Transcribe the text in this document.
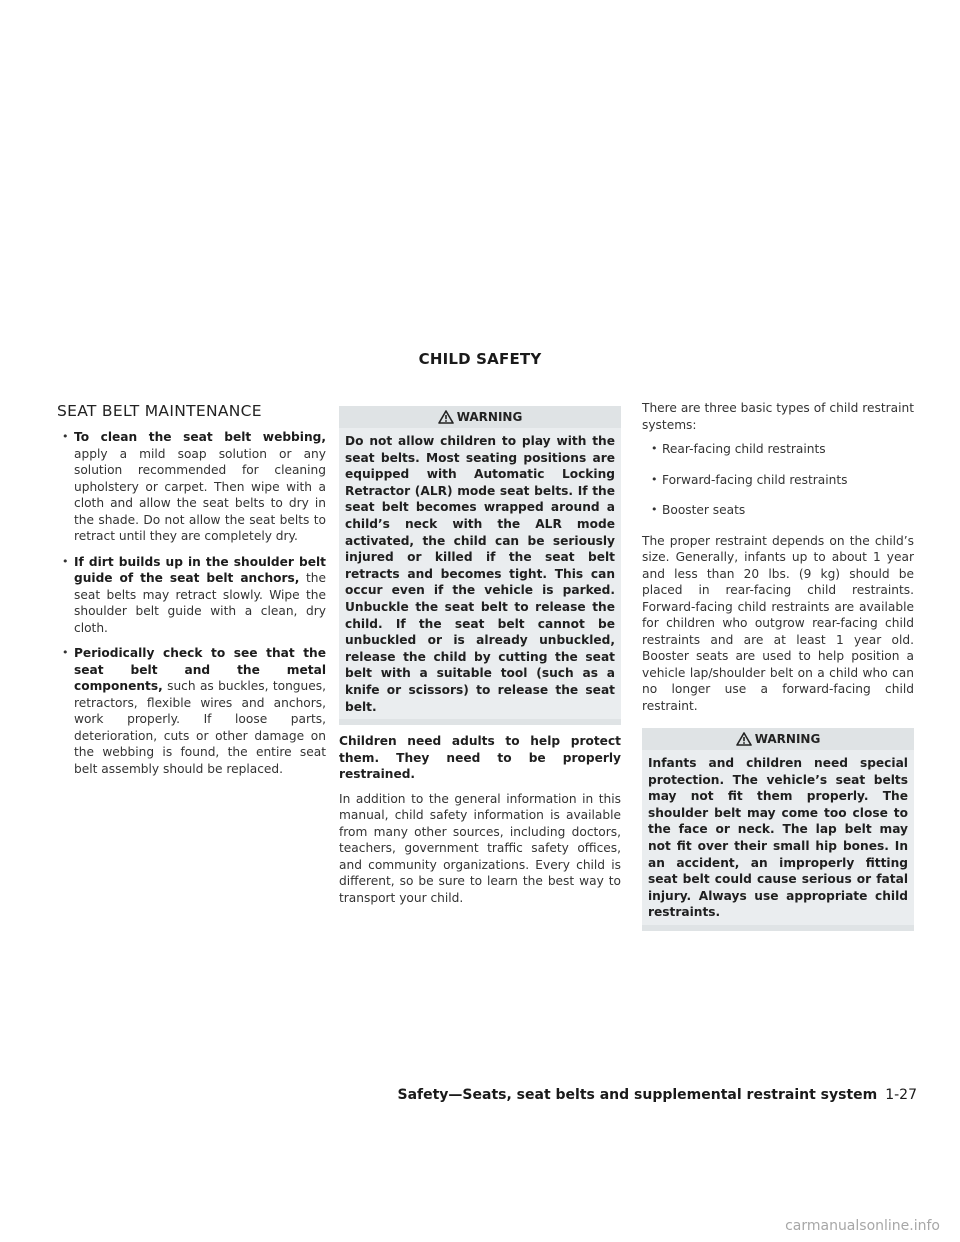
CHILD SAFETY
SEAT BELT MAINTENANCE
• To clean the seat belt webbing, apply a mild soap solution or any solution recommended for cleaning upholstery or carpet. Then wipe with a cloth and allow the seat belts to dry in the shade. Do not allow the seat belts to retract until they are completely dry.
• If dirt builds up in the shoulder belt guide of the seat belt anchors, the seat belts may retract slowly. Wipe the shoulder belt guide with a clean, dry cloth.
• Periodically check to see that the seat belt and the metal components, such as buckles, tongues, retractors, flexible wires and anchors, work properly. If loose parts, deterioration, cuts or other damage on the webbing is found, the entire seat belt assembly should be replaced.
WARNING
Do not allow children to play with the seat belts. Most seating positions are equipped with Automatic Locking Retractor (ALR) mode seat belts. If the seat belt becomes wrapped around a child’s neck with the ALR mode activated, the child can be seriously injured or killed if the seat belt retracts and becomes tight. This can occur even if the vehicle is parked. Unbuckle the seat belt to release the child. If the seat belt cannot be unbuckled or is already unbuckled, release the child by cutting the seat belt with a suitable tool (such as a knife or scissors) to release the seat belt.

Children need adults to help protect them. They need to be properly restrained.

In addition to the general information in this manual, child safety information is available from many other sources, including doctors, teachers, government traffic safety offices, and community organizations. Every child is different, so be sure to learn the best way to transport your child.

There are three basic types of child restraint systems:

• Rear-facing child restraints
• Forward-facing child restraints
• Booster seats

The proper restraint depends on the child’s size. Generally, infants up to about 1 year and less than 20 lbs. (9 kg) should be placed in rear-facing child restraints. Forward-facing child restraints are available for children who outgrow rear-facing child restraints and are at least 1 year old. Booster seats are used to help position a vehicle lap/shoulder belt on a child who can no longer use a forward-facing child restraint.

WARNING
Infants and children need special protection. The vehicle’s seat belts may not fit them properly. The shoulder belt may come too close to the face or neck. The lap belt may not fit over their small hip bones. In an accident, an improperly fitting seat belt could cause serious or fatal injury. Always use appropriate child restraints.
Safety—Seats, seat belts and supplemental restraint system 1-27
carmanualsonline.info
